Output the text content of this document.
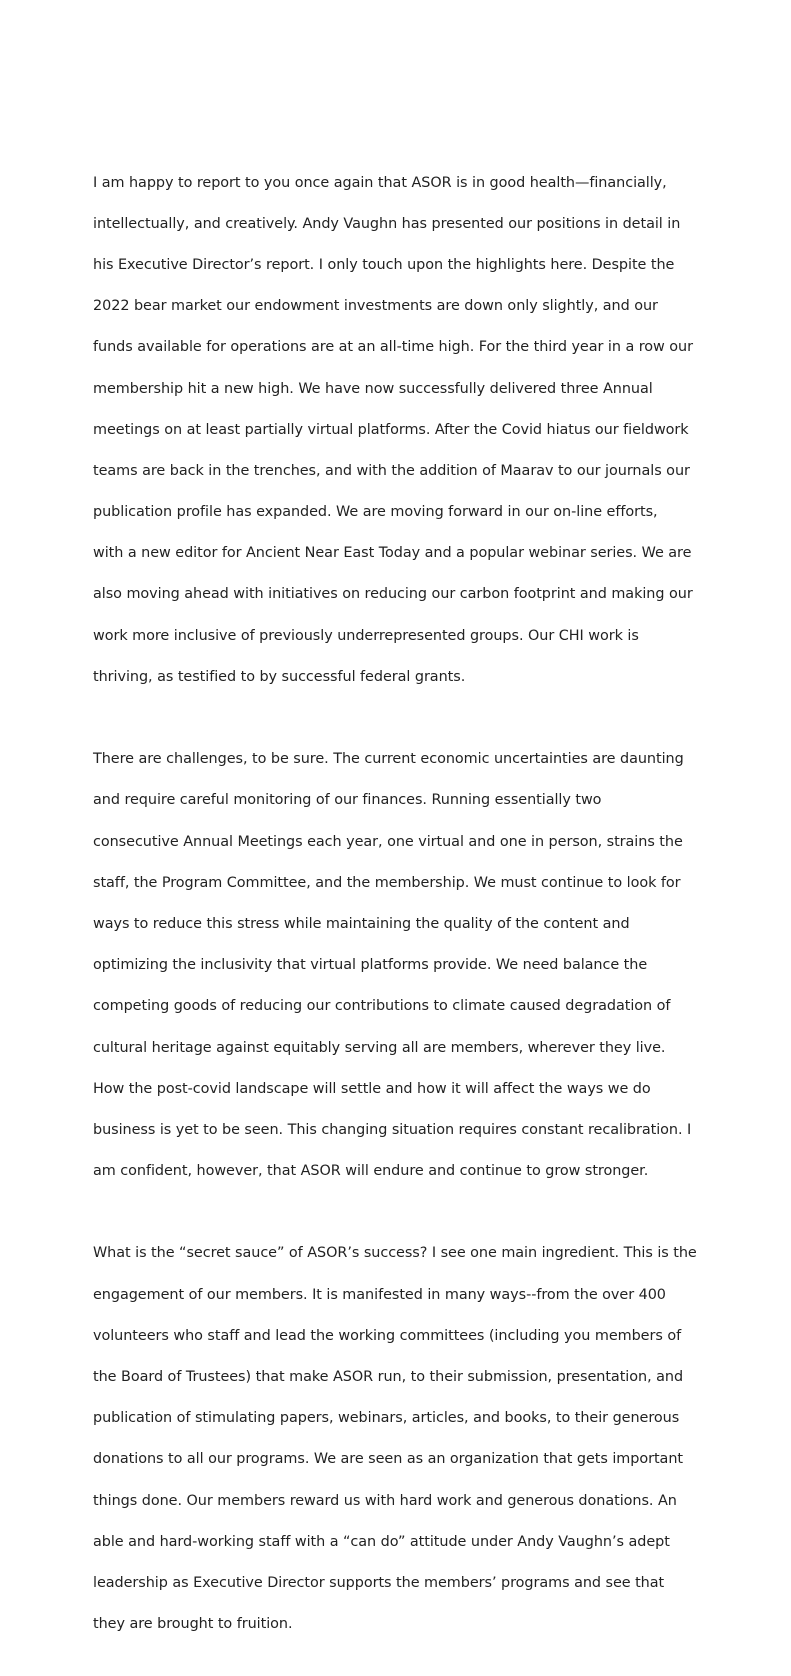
I am happy to report to you once again that ASOR is in good health—financially,

intellectually, and creatively. Andy Vaughn has presented our positions in detail in

his Executive Director’s report. I only touch upon the highlights here. Despite the

2022 bear market our endowment investments are down only slightly, and our

funds available for operations are at an all-time high. For the third year in a row our

membership hit a new high. We have now successfully delivered three Annual

meetings on at least partially virtual platforms. After the Covid hiatus our fieldwork

teams are back in the trenches, and with the addition of Maarav to our journals our

publication profile has expanded. We are moving forward in our on-line efforts,

with a new editor for Ancient Near East Today and a popular webinar series. We are

also moving ahead with initiatives on reducing our carbon footprint and making our

work more inclusive of previously underrepresented groups. Our CHI work is

thriving, as testified to by successful federal grants.

There are challenges, to be sure. The current economic uncertainties are daunting

and require careful monitoring of our finances. Running essentially two

consecutive Annual Meetings each year, one virtual and one in person, strains the

staff, the Program Committee, and the membership. We must continue to look for

ways to reduce this stress while maintaining the quality of the content and

optimizing the inclusivity that virtual platforms provide. We need balance the

competing goods of reducing our contributions to climate caused degradation of

cultural heritage against equitably serving all are members, wherever they live.

How the post-covid landscape will settle and how it will affect the ways we do

business is yet to be seen. This changing situation requires constant recalibration. I

am confident, however, that ASOR will endure and continue to grow stronger.

What is the “secret sauce” of ASOR’s success? I see one main ingredient. This is the

engagement of our members. It is manifested in many ways--from the over 400

volunteers who staff and lead the working committees (including you members of

the Board of Trustees) that make ASOR run, to their submission, presentation, and

publication of stimulating papers, webinars, articles, and books, to their generous

donations to all our programs. We are seen as an organization that gets important

things done. Our members reward us with hard work and generous donations. An

able and hard-working staff with a “can do” attitude under Andy Vaughn’s adept

leadership as Executive Director supports the members’ programs and see that

they are brought to fruition.
